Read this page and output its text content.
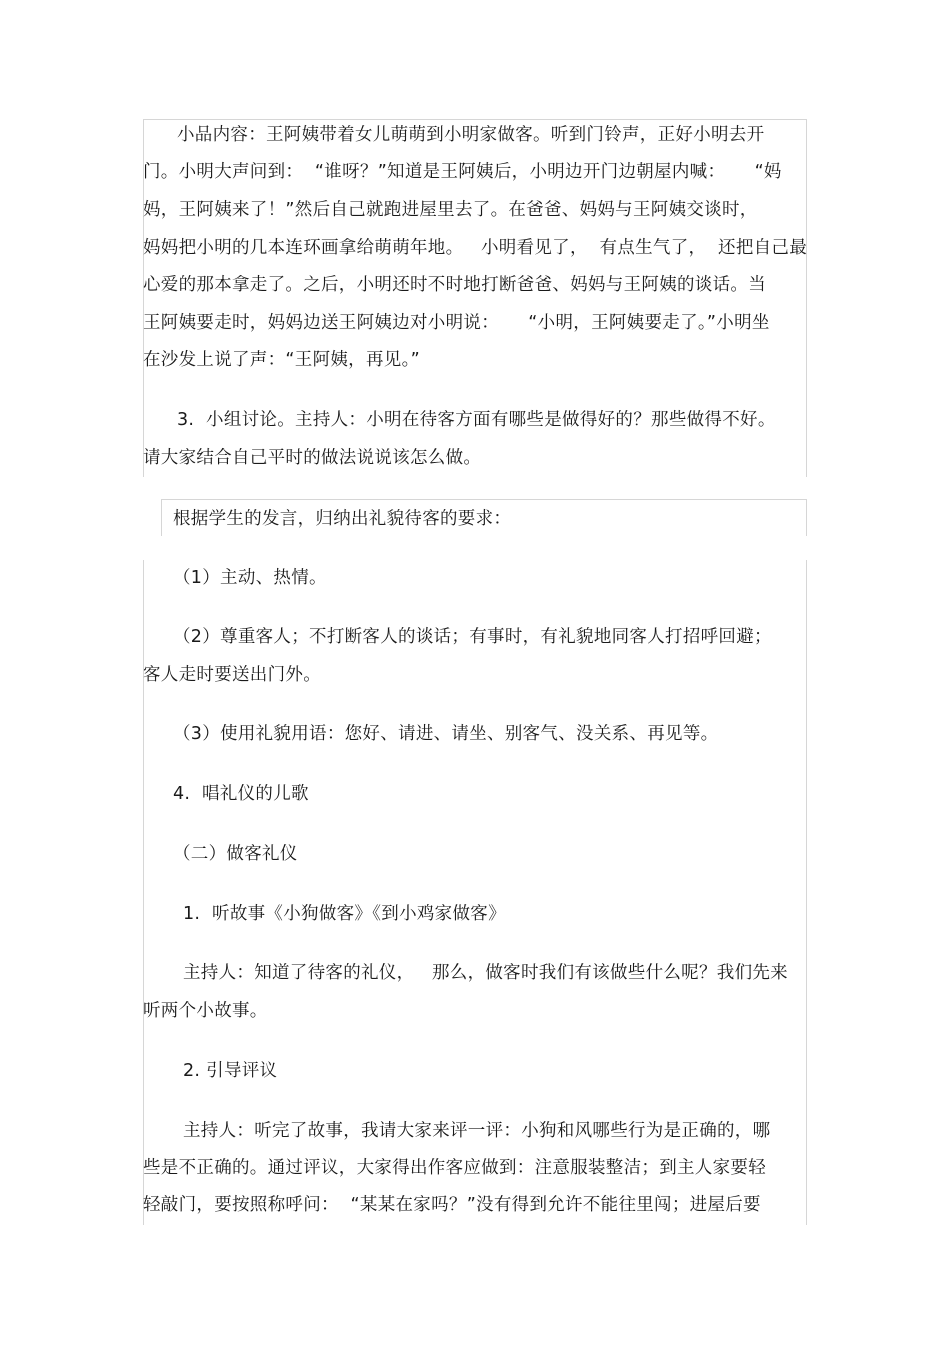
小品内容：王阿姨带着女儿萌萌到小明家做客。听到门铃声，正好小明去开
门。小明大声问到：  “谁呀？”知道是王阿姨后，小明边开门边朝屋内喊：     “妈
妈，王阿姨来了！”然后自己就跑进屋里去了。在爸爸、妈妈与王阿姨交谈时，
妈妈把小明的几本连环画拿给萌萌年地。   小明看见了，  有点生气了，  还把自己最
心爱的那本拿走了。之后，小明还时不时地打断爸爸、妈妈与王阿姨的谈话。当
王阿姨要走时，妈妈边送王阿姨边对小明说：     “小明，王阿姨要走了。”小明坐
在沙发上说了声：“王阿姨，再见。”
3.  小组讨论。主持人：小明在待客方面有哪些是做得好的？那些做得不好。
请大家结合自己平时的做法说说该怎么做。
根据学生的发言，归纳出礼貌待客的要求：
（1）主动、热情。
（2）尊重客人；不打断客人的谈话；有事时，有礼貌地同客人打招呼回避；
客人走时要送出门外。
（3）使用礼貌用语：您好、请进、请坐、别客气、没关系、再见等。
4.  唱礼仪的儿歌
（二）做客礼仪
1.  听故事《小狗做客》《到小鸡家做客》
主持人：知道了待客的礼仪，   那么，做客时我们有该做些什么呢？我们先来
听两个小故事。
2. 引导评议
主持人：听完了故事，我请大家来评一评：小狗和风哪些行为是正确的，哪
些是不正确的。通过评议，大家得出作客应做到：注意服装整洁；到主人家要轻
轻敲门，要按照称呼问：  “某某在家吗？”没有得到允许不能往里闯；进屋后要
